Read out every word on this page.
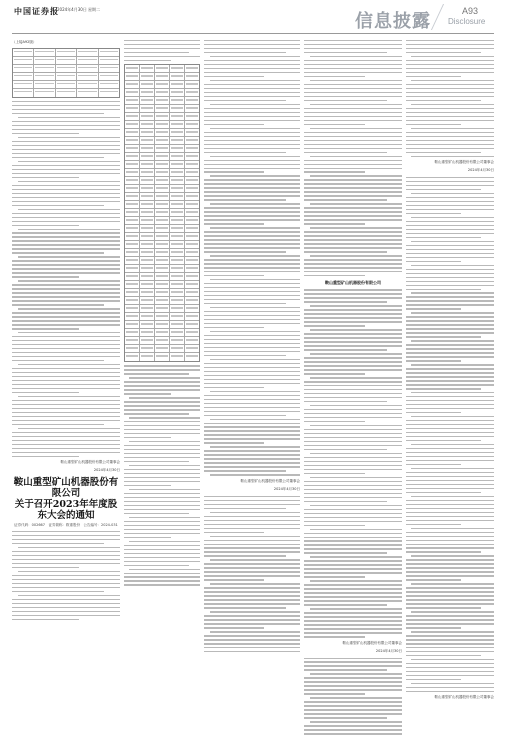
中国证券报
2024年4月30日 星期二
信息披露	A93
Disclosure
（上接A92版）
鞍山重型矿山机器股份有限公司董事会
2024年4月30日
鞍山重型矿山机器股份有限公司
关于召开2023年年度股东大会的通知
证券代码：002667　证券简称：鞍重股份　公告编号：2024-031
鞍山重型矿山机器股份有限公司董事会
2024年4月30日
鞍山重型矿山机器股份有限公司
鞍山重型矿山机器股份有限公司董事会
2024年4月30日
鞍山重型矿山机器股份有限公司董事会
2024年4月30日
鞍山重型矿山机器股份有限公司董事会
